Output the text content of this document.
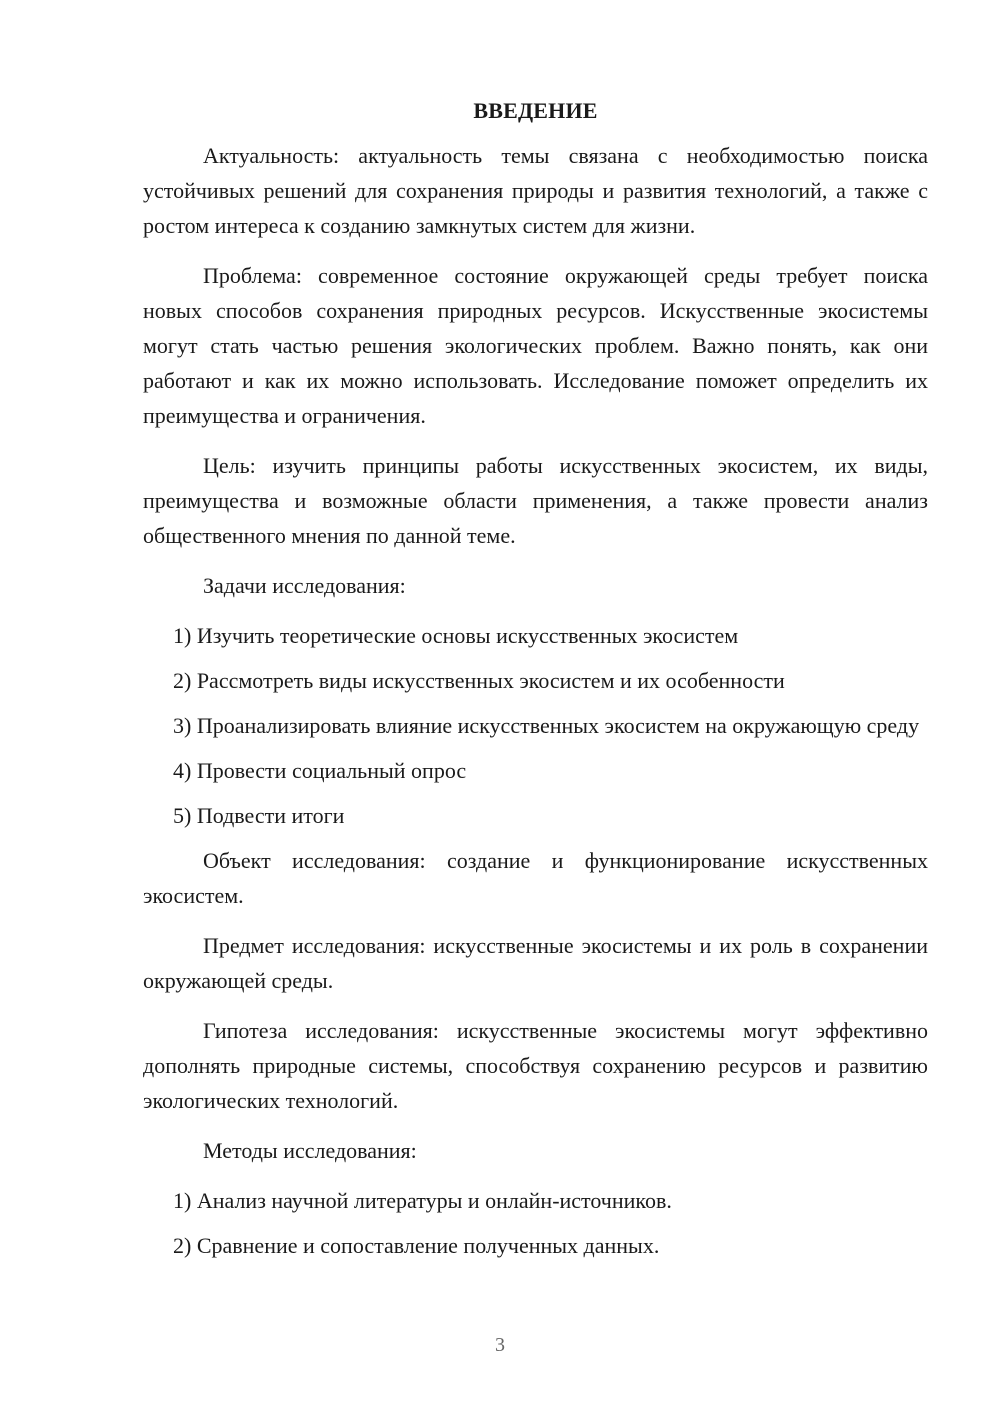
ВВЕДЕНИЕ

Актуальность: актуальность темы связана с необходимостью поиска устойчивых решений для сохранения природы и развития технологий, а также с ростом интереса к созданию замкнутых систем для жизни.

Проблема: современное состояние окружающей среды требует поиска новых способов сохранения природных ресурсов. Искусственные экосистемы могут стать частью решения экологических проблем. Важно понять, как они работают и как их можно использовать. Исследование поможет определить их преимущества и ограничения.

Цель: изучить принципы работы искусственных экосистем, их виды, преимущества и возможные области применения, а также провести анализ общественного мнения по данной теме.

Задачи исследования:

1) Изучить теоретические основы искусственных экосистем

2) Рассмотреть виды искусственных экосистем и их особенности

3) Проанализировать влияние искусственных экосистем на окружающую среду

4) Провести социальный опрос

5) Подвести итоги

Объект исследования: создание и функционирование искусственных экосистем.

Предмет исследования: искусственные экосистемы и их роль в сохранении окружающей среды.

Гипотеза исследования: искусственные экосистемы могут эффективно дополнять природные системы, способствуя сохранению ресурсов и развитию экологических технологий.

Методы исследования:

1) Анализ научной литературы и онлайн-источников.

2) Сравнение и сопоставление полученных данных.

3
